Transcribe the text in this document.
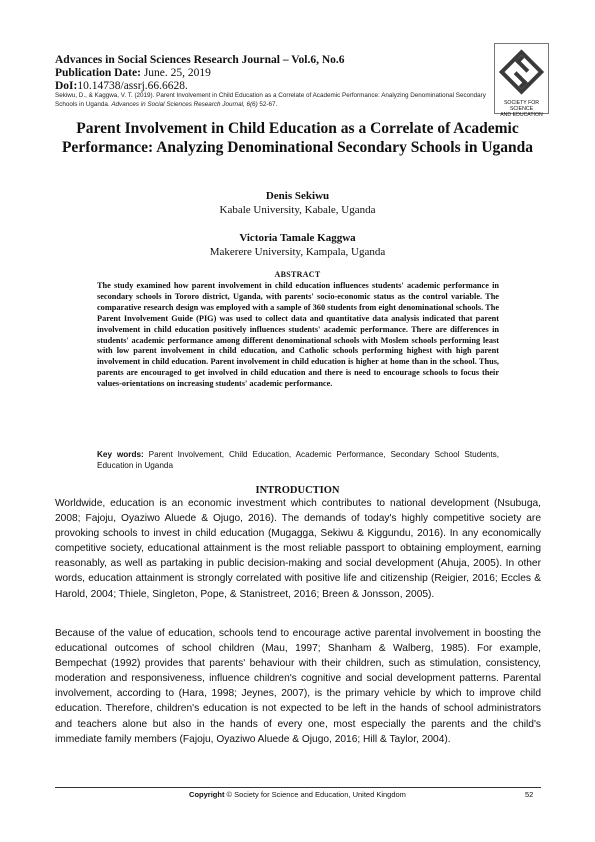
Advances in Social Sciences Research Journal – Vol.6, No.6
Publication Date: June. 25, 2019
DoI:10.14738/assrj.66.6628.
Sekiwu, D., & Kaggwa, V. T. (2019). Parent Involvement in Child Education as a Correlate of Academic Performance: Analyzing Denominational Secondary Schools in Uganda. Advances in Social Sciences Research Journal, 6(6) 52-67.	SOCIETY FOR SCIENCE
AND EDUCATION
Parent Involvement in Child Education as a Correlate of Academic Performance: Analyzing Denominational Secondary Schools in Uganda
Denis Sekiwu
Kabale University, Kabale, Uganda
Victoria Tamale Kaggwa
Makerere University, Kampala, Uganda
ABSTRACT
The study examined how parent involvement in child education influences students' academic performance in secondary schools in Tororo district, Uganda, with parents' socio-economic status as the control variable. The comparative research design was employed with a sample of 360 students from eight denominational schools. The Parent Involvement Guide (PIG) was used to collect data and quantitative data analysis indicated that parent involvement in child education positively influences students' academic performance. There are differences in students' academic performance among different denominational schools with Moslem schools performing least with low parent involvement in child education, and Catholic schools performing highest with high parent involvement in child education. Parent involvement in child education is higher at home than in the school. Thus, parents are encouraged to get involved in child education and there is need to encourage schools to focus their values-orientations on increasing students' academic performance.
Key words: Parent Involvement, Child Education, Academic Performance, Secondary School Students, Education in Uganda
INTRODUCTION
Worldwide, education is an economic investment which contributes to national development (Nsubuga, 2008; Fajoju, Oyaziwo Aluede & Ojugo, 2016). The demands of today's highly competitive society are provoking schools to invest in child education (Mugagga, Sekiwu & Kiggundu, 2016). In any economically competitive society, educational attainment is the most reliable passport to obtaining employment, earning reasonably, as well as partaking in public decision-making and social development (Ahuja, 2005). In other words, education attainment is strongly correlated with positive life and citizenship (Reigier, 2016; Eccles & Harold, 2004; Thiele, Singleton, Pope, & Stanistreet, 2016; Breen & Jonsson, 2005).
Because of the value of education, schools tend to encourage active parental involvement in boosting the educational outcomes of school children (Mau, 1997; Shanham & Walberg, 1985). For example, Bempechat (1992) provides that parents' behaviour with their children, such as stimulation, consistency, moderation and responsiveness, influence children's cognitive and social development patterns. Parental involvement, according to (Hara, 1998; Jeynes, 2007), is the primary vehicle by which to improve child education. Therefore, children's education is not expected to be left in the hands of school administrators and teachers alone but also in the hands of every one, most especially the parents and the child's immediate family members (Fajoju, Oyaziwo Aluede & Ojugo, 2016; Hill & Taylor, 2004).
Copyright © Society for Science and Education, United Kingdom	52
